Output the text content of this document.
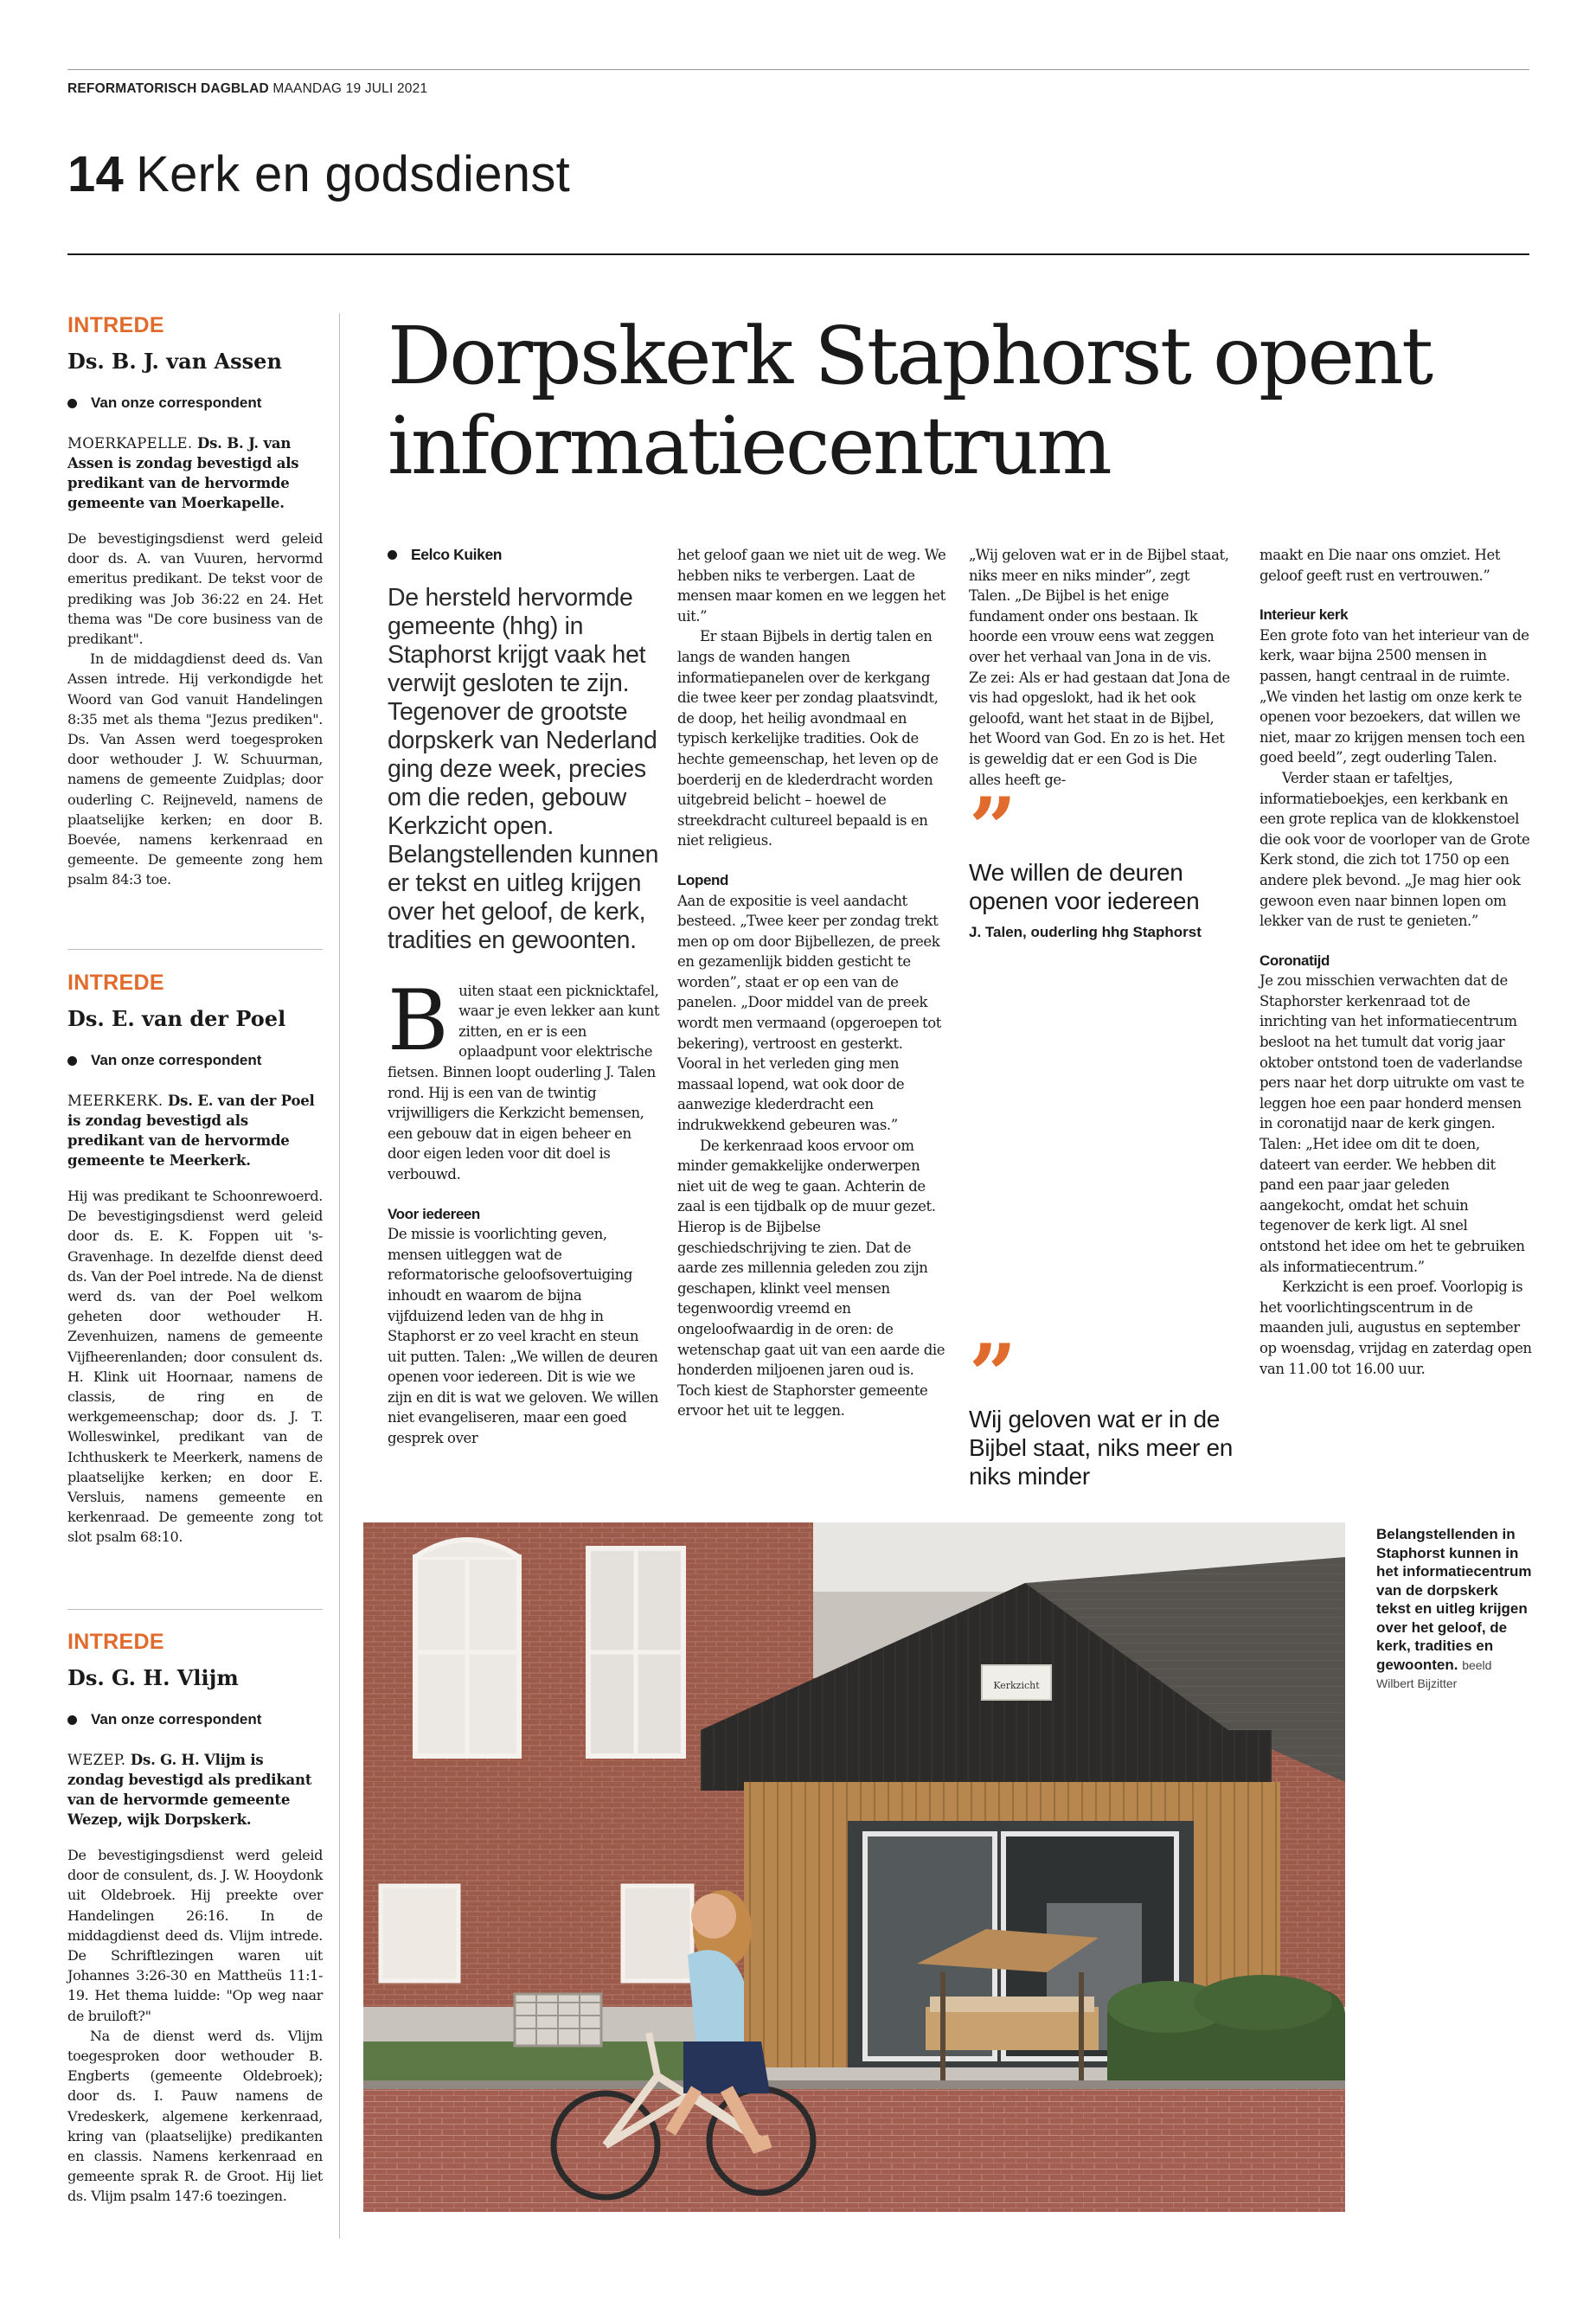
REFORMATORISCH DAGBLAD MAANDAG 19 JULI 2021
14 Kerk en godsdienst
INTREDE
Ds. B. J. van Assen
Van onze correspondent
MOERKAPELLE. Ds. B. J. van Assen is zondag bevestigd als predikant van de hervormde gemeente van Moerkapelle.

De bevestigingsdienst werd geleid door ds. A. van Vuuren, hervormd emeritus predikant. De tekst voor de prediking was Job 36:22 en 24. Het thema was "De core business van de predikant".

In de middagdienst deed ds. Van Assen intrede. Hij verkondigde het Woord van God vanuit Handelingen 8:35 met als thema "Jezus prediken". Ds. Van Assen werd toegesproken door wethouder J. W. Schuurman, namens de gemeente Zuidplas; door ouderling C. Reijneveld, namens de plaatselijke kerken; en door B. Boevée, namens kerkenraad en gemeente. De gemeente zong hem psalm 84:3 toe.

INTREDE
Ds. E. van der Poel
Van onze correspondent
MEERKERK. Ds. E. van der Poel is zondag bevestigd als predikant van de hervormde gemeente te Meerkerk.

Hij was predikant te Schoonrewoerd. De bevestigingsdienst werd geleid door ds. E. K. Foppen uit 's-Gravenhage. In dezelfde dienst deed ds. Van der Poel intrede. Na de dienst werd ds. van der Poel welkom geheten door wethouder H. Zevenhuizen, namens de gemeente Vijfheerenlanden; door consulent ds. H. Klink uit Hoornaar, namens de classis, de ring en de werkgemeenschap; door ds. J. T. Wolleswinkel, predikant van de Ichthuskerk te Meerkerk, namens de plaatselijke kerken; en door E. Versluis, namens gemeente en kerkenraad. De gemeente zong tot slot psalm 68:10.

INTREDE
Ds. G. H. Vlijm
Van onze correspondent
WEZEP. Ds. G. H. Vlijm is zondag bevestigd als predikant van de hervormde gemeente Wezep, wijk Dorpskerk.

De bevestigingsdienst werd geleid door de consulent, ds. J. W. Hooydonk uit Oldebroek. Hij preekte over Handelingen 26:16. In de middagdienst deed ds. Vlijm intrede. De Schriftlezingen waren uit Johannes 3:26-30 en Mattheüs 11:1-19. Het thema luidde: "Op weg naar de bruiloft?"

Na de dienst werd ds. Vlijm toegesproken door wethouder B. Engberts (gemeente Oldebroek); door ds. I. Pauw namens de Vredeskerk, algemene kerkenraad, kring van (plaatselijke) predikanten en classis. Namens kerkenraad en gemeente sprak R. de Groot. Hij liet ds. Vlijm psalm 147:6 toezingen.

Dorpskerk Staphorst opent informatiecentrum
Eelco Kuiken
De hersteld hervormde gemeente (hhg) in Staphorst krijgt vaak het verwijt gesloten te zijn. Tegenover de grootste dorpskerk van Nederland ging deze week, precies om die reden, gebouw Kerkzicht open. Belangstellenden kunnen er tekst en uitleg krijgen over het geloof, de kerk, tradities en gewoonten.
Buiten staat een picknicktafel, waar je even lekker aan kunt zitten, en er is een oplaadpunt voor elektrische fietsen. Binnen loopt ouderling J. Talen rond. Hij is een van de twintig vrijwilligers die Kerkzicht bemensen, een gebouw dat in eigen beheer en door eigen leden voor dit doel is verbouwd.

Voor iedereen

De missie is voorlichting geven, mensen uitleggen wat de reformatorische geloofsovertuiging inhoudt en waarom de bijna vijfduizend leden van de hhg in Staphorst er zo veel kracht en steun uit putten. Talen: „We willen de deuren openen voor iedereen. Dit is wie we zijn en dit is wat we geloven. We willen niet evangeliseren, maar een goed gesprek over

het geloof gaan we niet uit de weg. We hebben niks te verbergen. Laat de mensen maar komen en we leggen het uit.”

Er staan Bijbels in dertig talen en langs de wanden hangen informatiepanelen over de kerkgang die twee keer per zondag plaatsvindt, de doop, het heilig avondmaal en typisch kerkelijke tradities. Ook de hechte gemeenschap, het leven op de boerderij en de klederdracht worden uitgebreid belicht – hoewel de streekdracht cultureel bepaald is en niet religieus.

Lopend

Aan de expositie is veel aandacht besteed. „Twee keer per zondag trekt men op om door Bijbellezen, de preek en gezamenlijk bidden gesticht te worden”, staat er op een van de panelen. „Door middel van de preek wordt men vermaand (opgeroepen tot bekering), vertroost en gesterkt. Vooral in het verleden ging men massaal lopend, wat ook door de aanwezige klederdracht een indrukwekkend gebeuren was.”

De kerkenraad koos ervoor om minder gemakkelijke onderwerpen niet uit de weg te gaan. Achterin de zaal is een tijdbalk op de muur gezet. Hierop is de Bijbelse geschiedschrijving te zien. Dat de aarde zes millennia geleden zou zijn geschapen, klinkt veel mensen tegenwoordig vreemd en ongeloofwaardig in de oren: de wetenschap gaat uit van een aarde die honderden miljoenen jaren oud is. Toch kiest de Staphorster gemeente ervoor het uit te leggen.

„Wij geloven wat er in de Bijbel staat, niks meer en niks minder”, zegt Talen. „De Bijbel is het enige fundament onder ons bestaan. Ik hoorde een vrouw eens wat zeggen over het verhaal van Jona in de vis. Ze zei: Als er had gestaan dat Jona de vis had opgeslokt, had ik het ook geloofd, want het staat in de Bijbel, het Woord van God. En zo is het. Het is geweldig dat er een God is Die alles heeft ge-

”
We willen de deuren openen voor iedereen
J. Talen, ouderling hhg Staphorst
”
Wij geloven wat er in de Bijbel staat, niks meer en niks minder

maakt en Die naar ons omziet. Het geloof geeft rust en vertrouwen.”

Interieur kerk

Een grote foto van het interieur van de kerk, waar bijna 2500 mensen in passen, hangt centraal in de ruimte. „We vinden het lastig om onze kerk te openen voor bezoekers, dat willen we niet, maar zo krijgen mensen toch een goed beeld”, zegt ouderling Talen.

Verder staan er tafeltjes, informatieboekjes, een kerkbank en een grote replica van de klokkenstoel die ook voor de voorloper van de Grote Kerk stond, die zich tot 1750 op een andere plek bevond. „Je mag hier ook gewoon even naar binnen lopen om lekker van de rust te genieten.”

Coronatijd

Je zou misschien verwachten dat de Staphorster kerkenraad tot de inrichting van het informatiecentrum besloot na het tumult dat vorig jaar oktober ontstond toen de vaderlandse pers naar het dorp uitrukte om vast te leggen hoe een paar honderd mensen in coronatijd naar de kerk gingen. Talen: „Het idee om dit te doen, dateert van eerder. We hebben dit pand een paar jaar geleden aangekocht, omdat het schuin tegenover de kerk ligt. Al snel ontstond het idee om het te gebruiken als informatiecentrum.”

Kerkzicht is een proef. Voorlopig is het voorlichtingscentrum in de maanden juli, augustus en september op woensdag, vrijdag en zaterdag open van 11.00 tot 16.00 uur.

Kerkzicht
Belangstellenden in Staphorst kunnen in het informatiecentrum van de dorpskerk tekst en uitleg krijgen over het geloof, de kerk, tradities en gewoonten. beeld
Wilbert Bijzitter
